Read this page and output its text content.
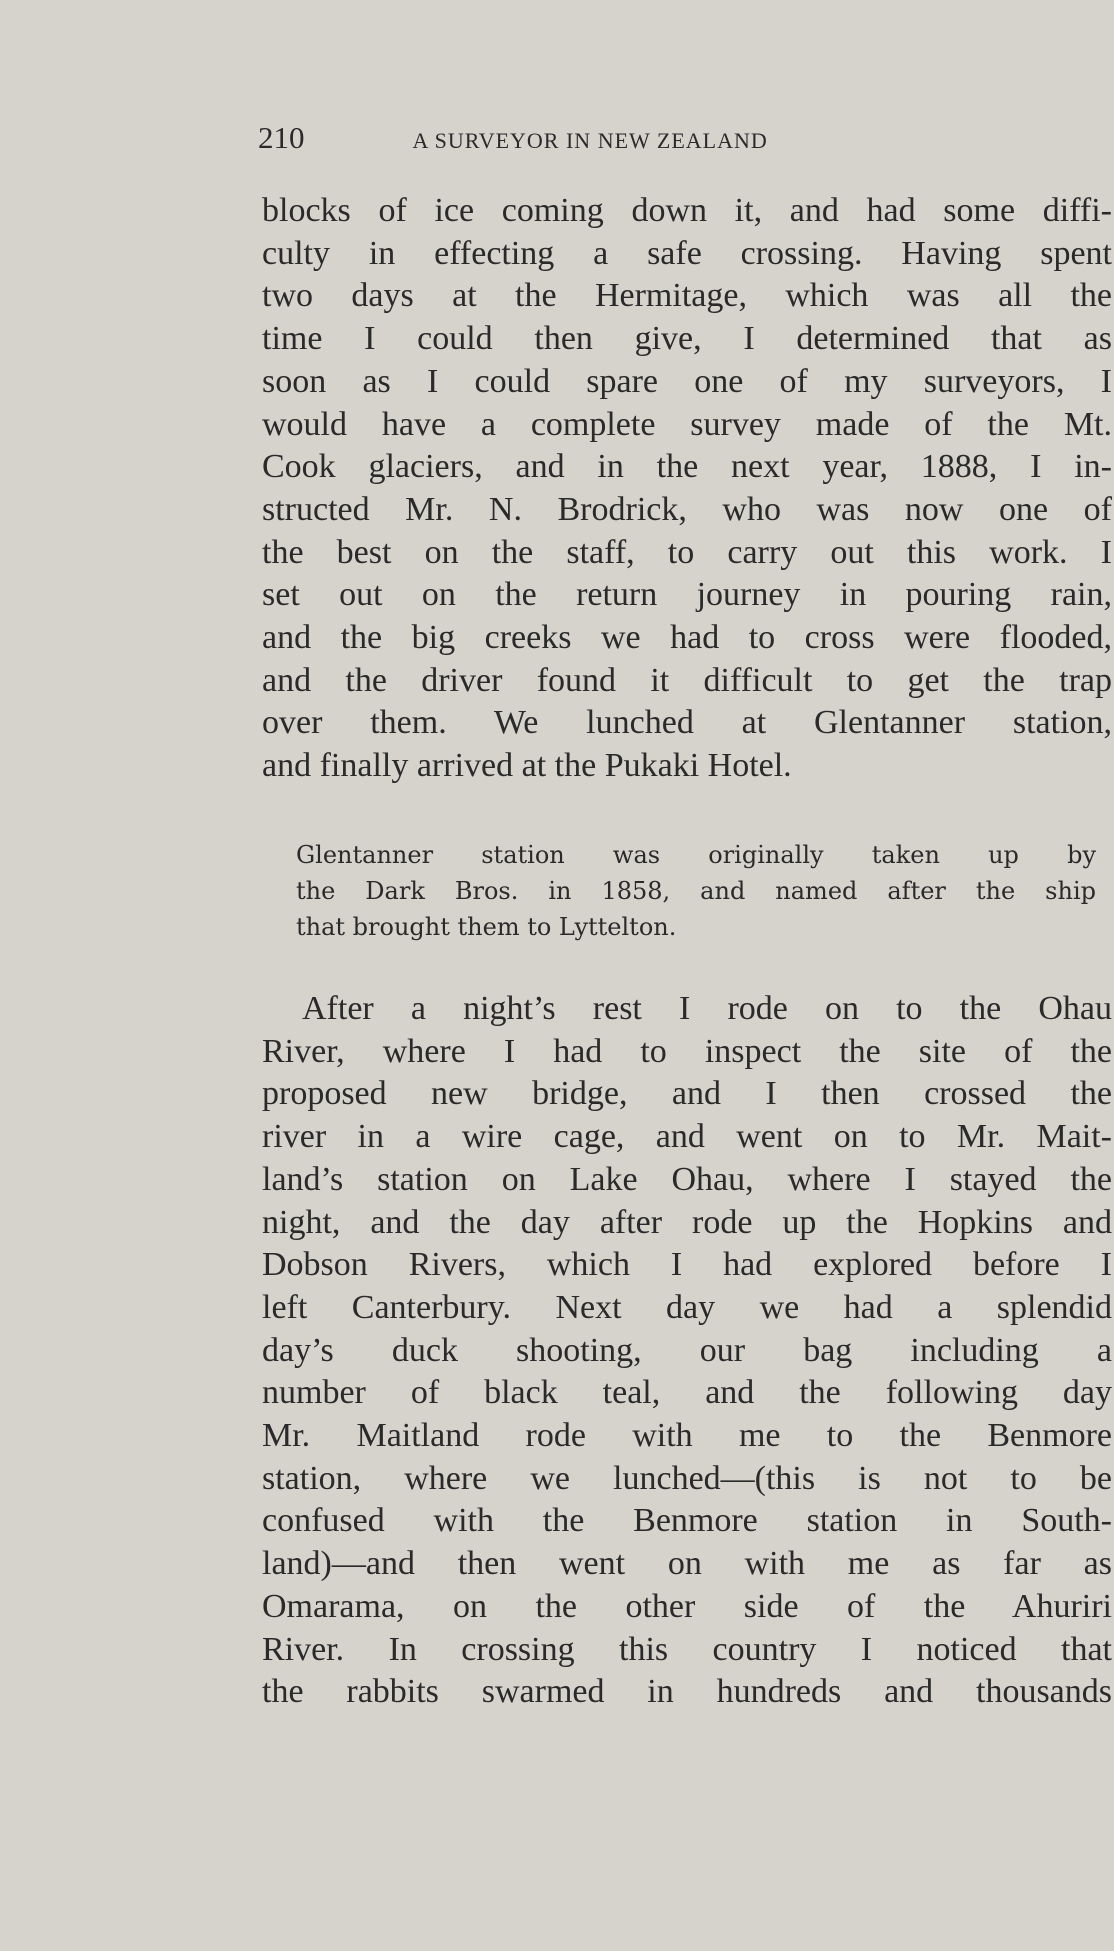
210	A SURVEYOR IN NEW ZEALAND

blocks of ice coming down it, and had some diffi-
culty in effecting a safe crossing. Having spent
two days at the Hermitage, which was all the
time I could then give, I determined that as
soon as I could spare one of my surveyors, I
would have a complete survey made of the Mt.
Cook glaciers, and in the next year, 1888, I in-
structed Mr. N. Brodrick, who was now one of
the best on the staff, to carry out this work. I
set out on the return journey in pouring rain,
and the big creeks we had to cross were flooded,
and the driver found it difficult to get the trap
over them. We lunched at Glentanner station,
and finally arrived at the Pukaki Hotel.

Glentanner station was originally taken up by
the Dark Bros. in 1858, and named after the ship
that brought them to Lyttelton.

After a night’s rest I rode on to the Ohau
River, where I had to inspect the site of the
proposed new bridge, and I then crossed the
river in a wire cage, and went on to Mr. Mait-
land’s station on Lake Ohau, where I stayed the
night, and the day after rode up the Hopkins and
Dobson Rivers, which I had explored before I
left Canterbury. Next day we had a splendid
day’s duck shooting, our bag including a
number of black teal, and the following day
Mr. Maitland rode with me to the Benmore
station, where we lunched—(this is not to be
confused with the Benmore station in South-
land)—and then went on with me as far as
Omarama, on the other side of the Ahuriri
River. In crossing this country I noticed that
the rabbits swarmed in hundreds and thousands
